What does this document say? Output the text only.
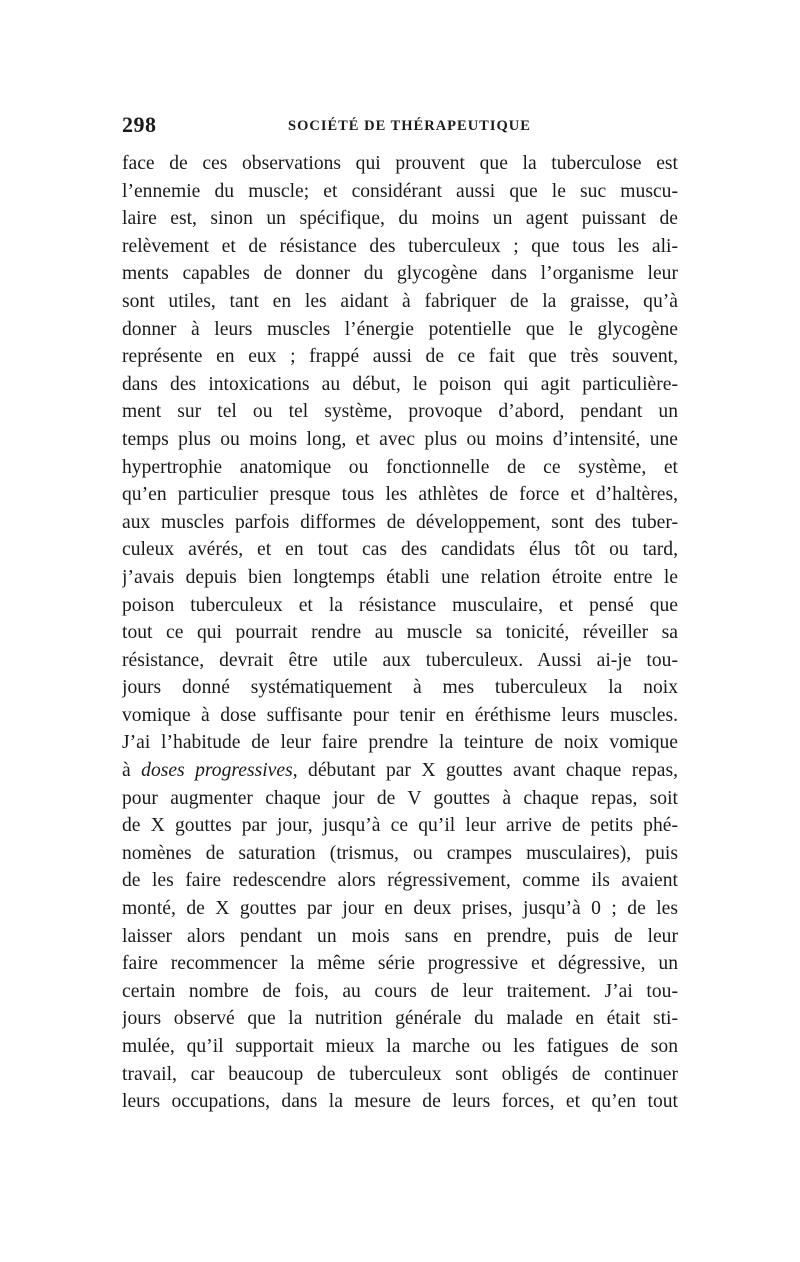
298	SOCIÉTÉ DE THÉRAPEUTIQUE
face de ces observations qui prouvent que la tuberculose est
l’ennemie du muscle; et considérant aussi que le suc muscu-
laire est, sinon un spécifique, du moins un agent puissant de
relèvement et de résistance des tuberculeux ; que tous les ali-
ments capables de donner du glycogène dans l’organisme leur
sont utiles, tant en les aidant à fabriquer de la graisse, qu’à
donner à leurs muscles l’énergie potentielle que le glycogène
représente en eux ; frappé aussi de ce fait que très souvent,
dans des intoxications au début, le poison qui agit particulière-
ment sur tel ou tel système, provoque d’abord, pendant un
temps plus ou moins long, et avec plus ou moins d’intensité, une
hypertrophie anatomique ou fonctionnelle de ce système, et
qu’en particulier presque tous les athlètes de force et d’haltères,
aux muscles parfois difformes de développement, sont des tuber-
culeux avérés, et en tout cas des candidats élus tôt ou tard,
j’avais depuis bien longtemps établi une relation étroite entre le
poison tuberculeux et la résistance musculaire, et pensé que
tout ce qui pourrait rendre au muscle sa tonicité, réveiller sa
résistance, devrait être utile aux tuberculeux. Aussi ai-je tou-
jours donné systématiquement à mes tuberculeux la noix
vomique à dose suffisante pour tenir en éréthisme leurs muscles.
J’ai l’habitude de leur faire prendre la teinture de noix vomique
à doses progressives, débutant par X gouttes avant chaque repas,
pour augmenter chaque jour de V gouttes à chaque repas, soit
de X gouttes par jour, jusqu’à ce qu’il leur arrive de petits phé-
nomènes de saturation (trismus, ou crampes musculaires), puis
de les faire redescendre alors régressivement, comme ils avaient
monté, de X gouttes par jour en deux prises, jusqu’à 0 ; de les
laisser alors pendant un mois sans en prendre, puis de leur
faire recommencer la même série progressive et dégressive, un
certain nombre de fois, au cours de leur traitement. J’ai tou-
jours observé que la nutrition générale du malade en était sti-
mulée, qu’il supportait mieux la marche ou les fatigues de son
travail, car beaucoup de tuberculeux sont obligés de continuer
leurs occupations, dans la mesure de leurs forces, et qu’en tout
